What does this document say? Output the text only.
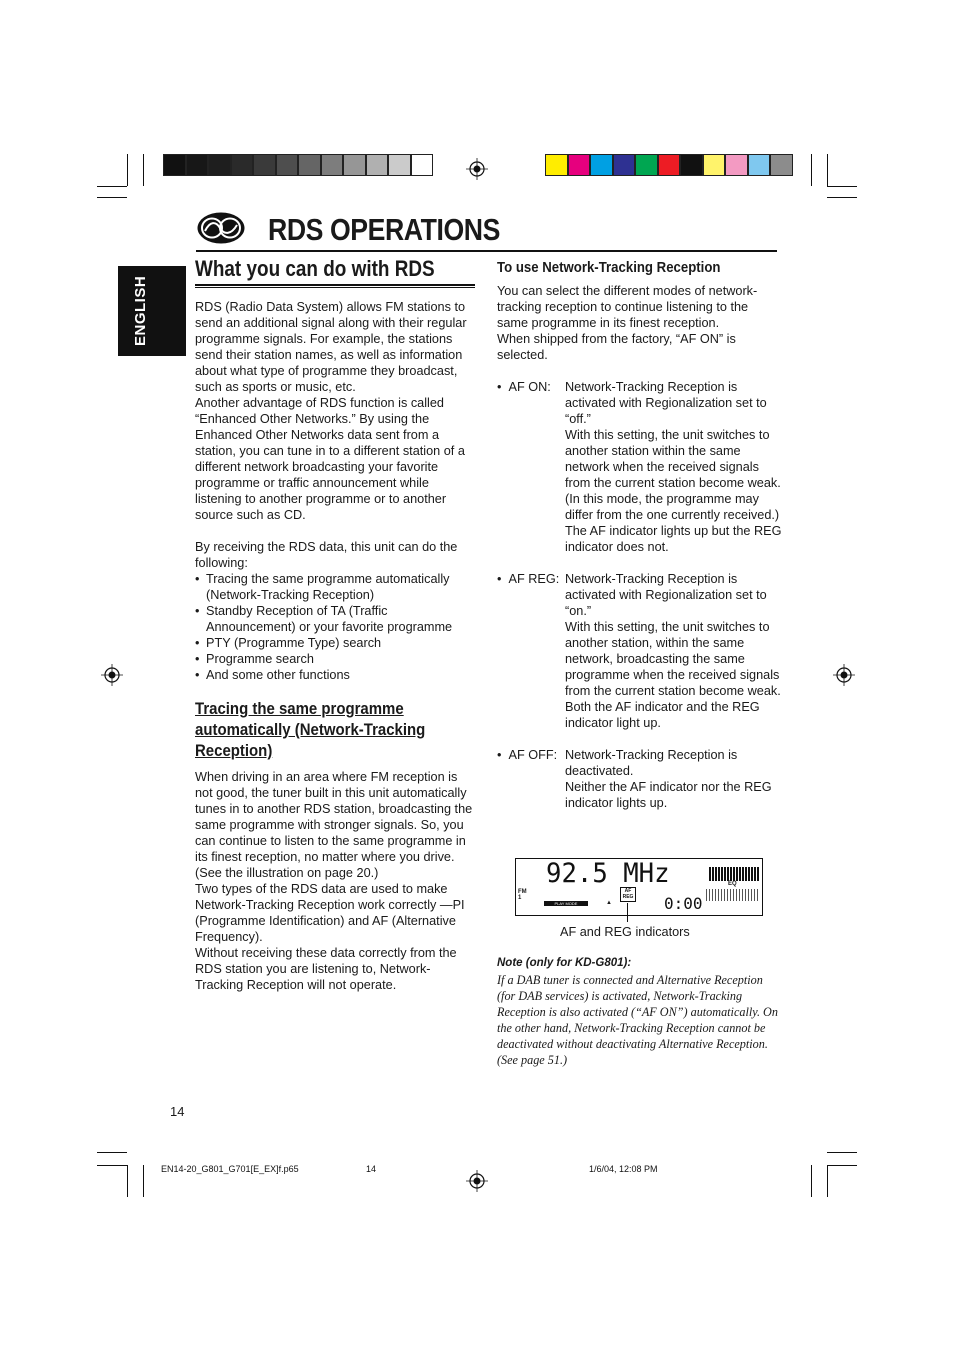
ENGLISH
RDS OPERATIONS
What you can do with RDS

RDS (Radio Data System) allows FM stations to send an additional signal along with their regular programme signals. For example, the stations send their station names, as well as information about what type of programme they broadcast, such as sports or music, etc.

Another advantage of RDS function is called “Enhanced Other Networks.” By using the Enhanced Other Networks data sent from a station, you can tune in to a different station of a different network broadcasting your favorite programme or traffic announcement while listening to another programme or to another source such as CD.

By receiving the RDS data, this unit can do the following:

• Tracing the same programme automatically (Network-Tracking Reception)
• Standby Reception of TA (Traffic Announcement) or your favorite programme
• PTY (Programme Type) search
• Programme search
• And some other functions
Tracing the same programme automatically (Network-Tracking Reception)

When driving in an area where FM reception is not good, the tuner built in this unit automatically tunes in to another RDS station, broadcasting the same programme with stronger signals. So, you can continue to listen to the same programme in its finest reception, no matter where you drive. (See the illustration on page 20.)

Two types of the RDS data are used to make Network-Tracking Reception work correctly —PI (Programme Identification) and AF (Alternative Frequency).

Without receiving these data correctly from the RDS station you are listening to, Network-Tracking Reception will not operate.

To use Network-Tracking Reception

You can select the different modes of network-tracking reception to continue listening to the same programme in its finest reception.

When shipped from the factory, “AF ON” is selected.

•  AF ON:	Network-Tracking Reception is activated with Regionalization set to “off.”

With this setting, the unit switches to another station within the same network when the received signals from the current station become weak. (In this mode, the programme may differ from the one currently received.)

The AF indicator lights up but the REG indicator does not.

•  AF REG: Network-Tracking Reception is activated with Regionalization set to “on.”

With this setting, the unit switches to another station, within the same network, broadcasting the same programme when the received signals from the current station become weak.

Both the AF indicator and the REG indicator light up.

•  AF OFF: Network-Tracking Reception is deactivated.

Neither the AF indicator nor the REG indicator lights up.

92.5 MHz
FM
1
AF
REG
PLAY MODE	▲
EQ
0:00
AF and REG indicators
Note (only for KD-G801):
If a DAB tuner is connected and Alternative Reception (for DAB services) is activated, Network-Tracking Reception is also activated (“AF ON”) automatically. On the other hand, Network-Tracking Reception cannot be deactivated without deactivating Alternative Reception. (See page 51.)
14
EN14-20_G801_G701[E_EX]f.p65	14	1/6/04, 12:08 PM
